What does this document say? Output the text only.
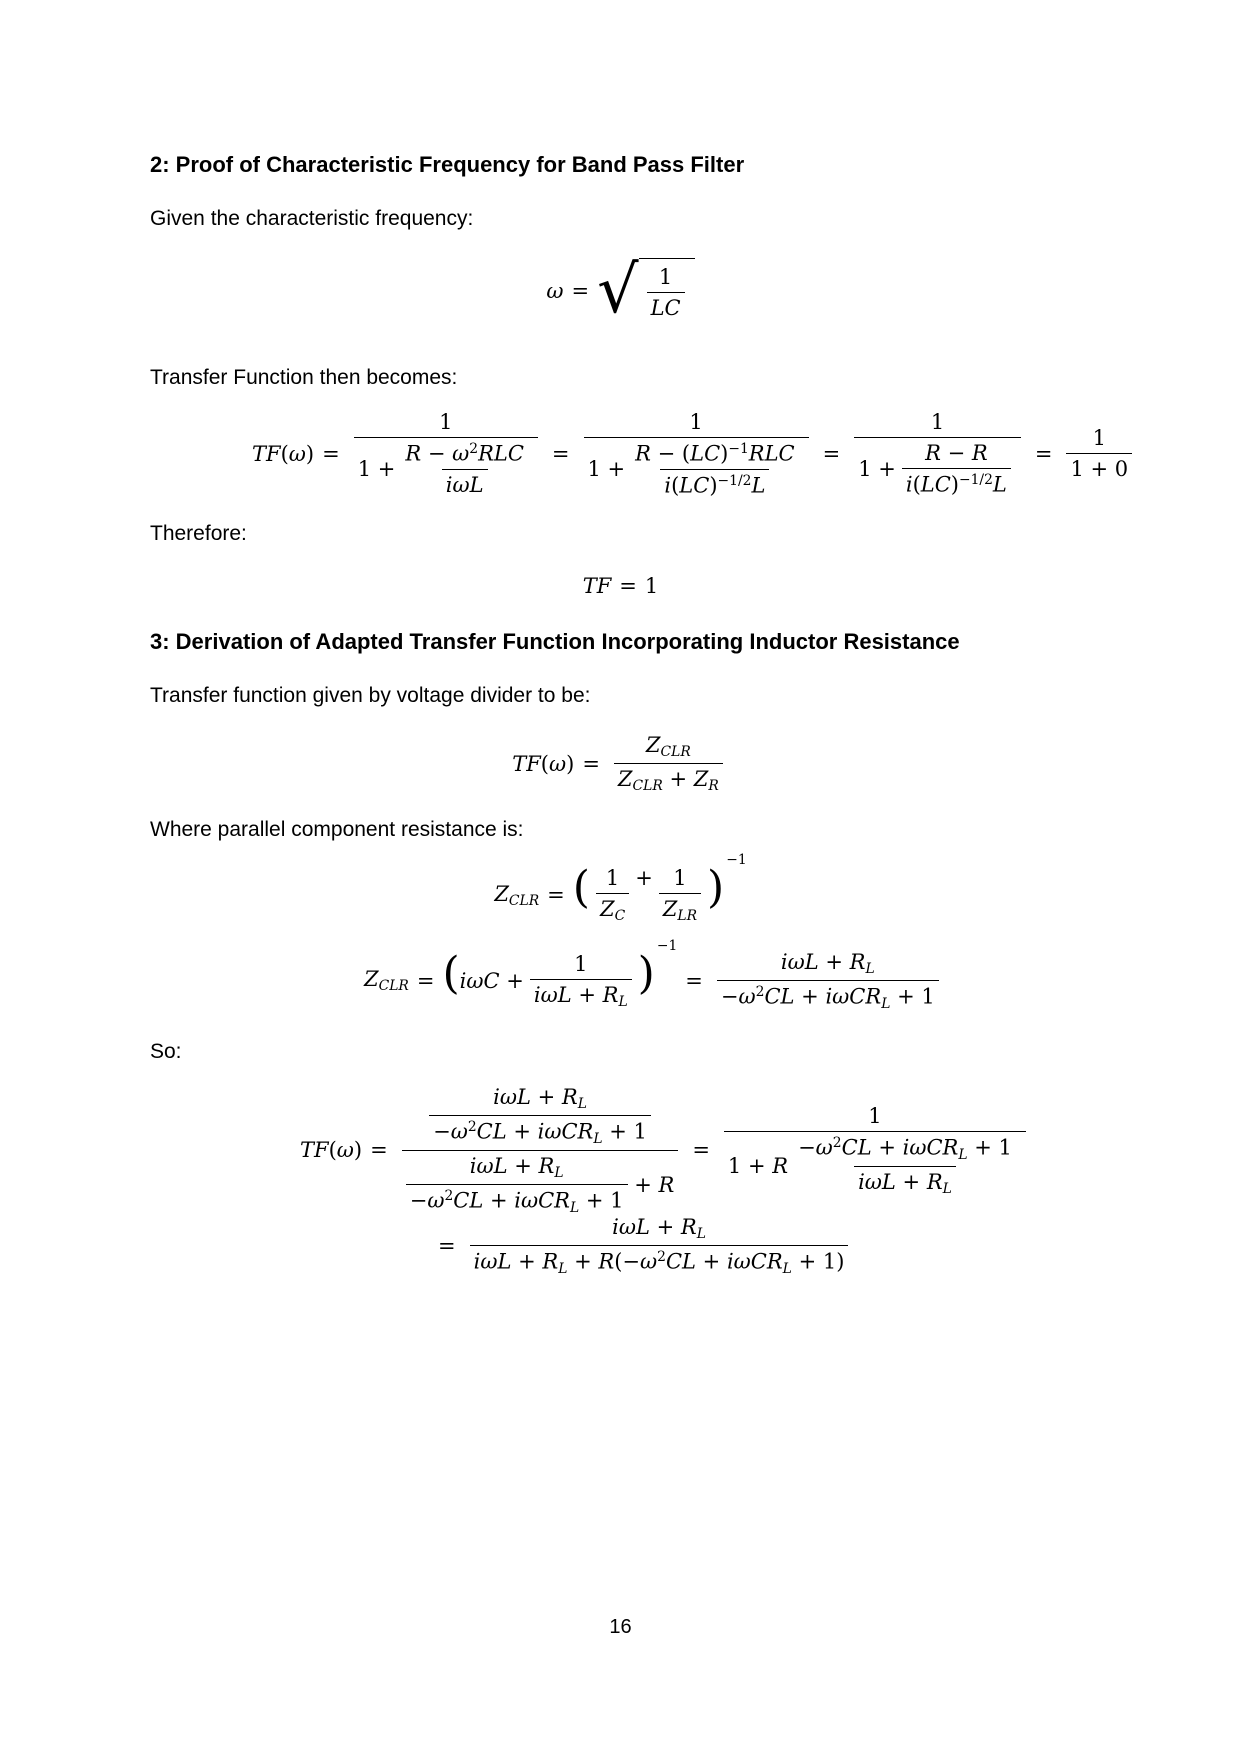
2: Proof of Characteristic Frequency for Band Pass Filter
Given the characteristic frequency:
ω = √ $\frac{1}{LC}$
Transfer Function then becomes:
$TF(\omega) = \frac{1}{1 + \frac{R - \omega^2RLC}{\text{iωL}}} = \frac{1}{1 + \frac{R - (LC)^{-1}RLC}{i(LC)^{-1/2}L}} = \frac{1}{1 + \frac{R - R}{i(LC)^{-1/2}L}} = \frac{1}{1 + 0}$
Therefore:
TF = 1
3: Derivation of Adapted Transfer Function Incorporating Inductor Resistance
Transfer function given by voltage divider to be:
$TF(\omega) = \frac{\text{ZCLR}}{\text{ZCLR + ZR}}$
Where parallel component resistance is:
ZCLR = ( $\frac{1}{ZC} + \frac{1}{\text{ZLR}}$ )
−1
ZCLR = ( $i\omega C + \frac{1}{\text{iωL + RL}}$ )
−1
= $\frac{\text{iωL + RL}}{-\omega^2CL + i\omega CRL + 1}$
So:
$TF(\omega) = \frac{\frac{\text{iωL + RL}}{-\omega^2CL + i\omega CRL + 1}}{\frac{\text{iωL + RL}}{-\omega^2CL + i\omega CRL + 1} + R} = \frac{1}{1 + R \frac{-\omega^2CL + i\omega CRL + 1}{\text{iωL + RL}}}$
= $\frac{\text{iωL + RL}}{i\omega L + RL + R(-\omega^2CL + i\omega CRL + 1)}$
16
